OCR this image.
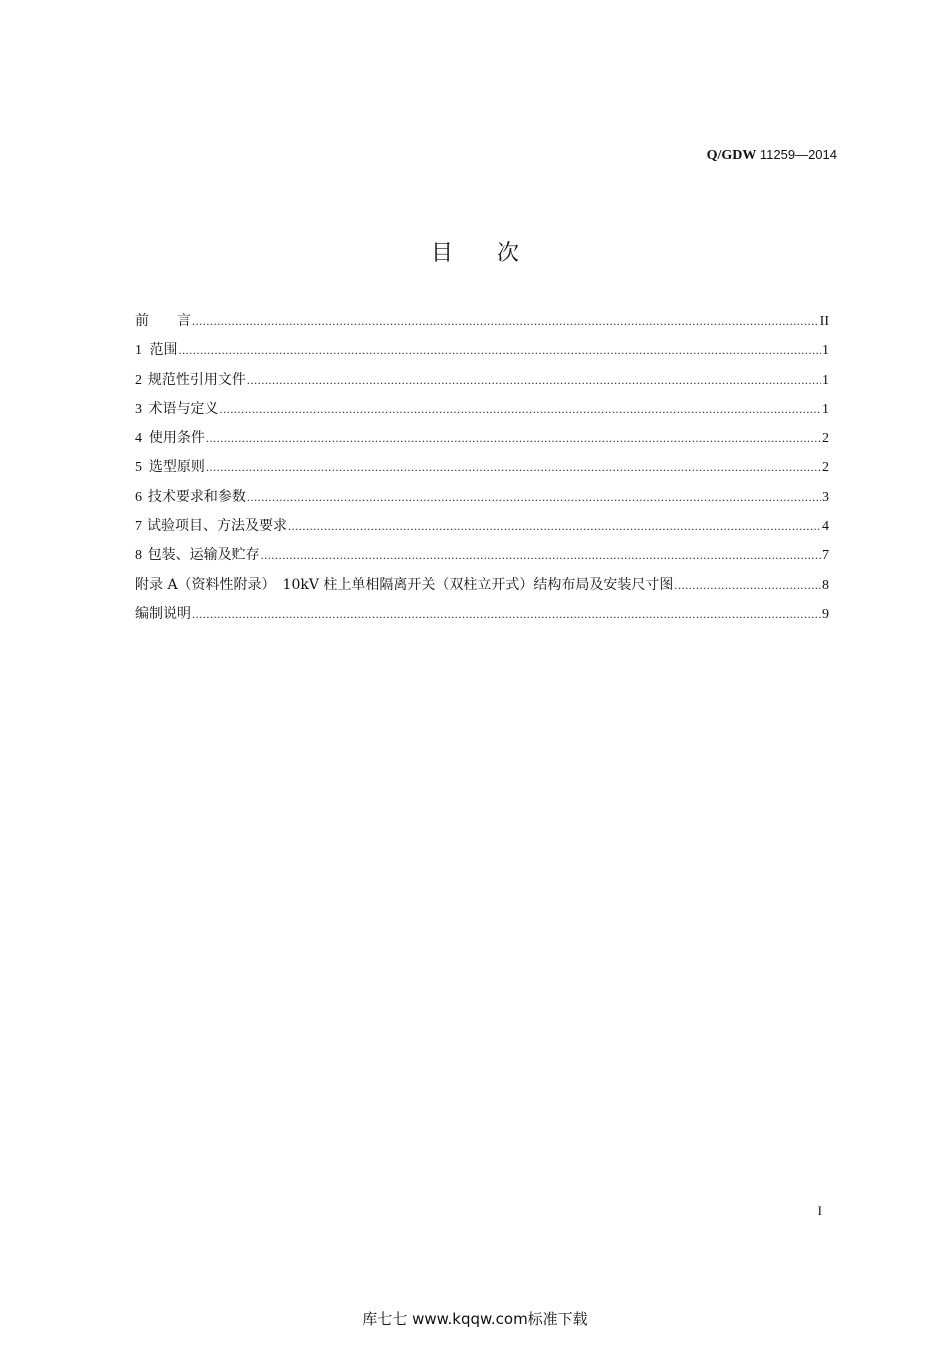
Q/GDW 11259—2014
目 次
前　　言 .....	II
1 范围 .....	1
2 规范性引用文件 .....	1
3 术语与定义 .....	1
4 使用条件 .....	2
5 选型原则 .....	2
6 技术要求和参数 .....	3
7 试验项目、方法及要求 .....	4
8 包装、运输及贮存 .....	7
附录 A（资料性附录）　10kV 柱上单相隔离开关（双柱立开式）结构布局及安装尺寸图 .....	8
编制说明 .....	9
I
库七七 www.kqqw.com标准下载
